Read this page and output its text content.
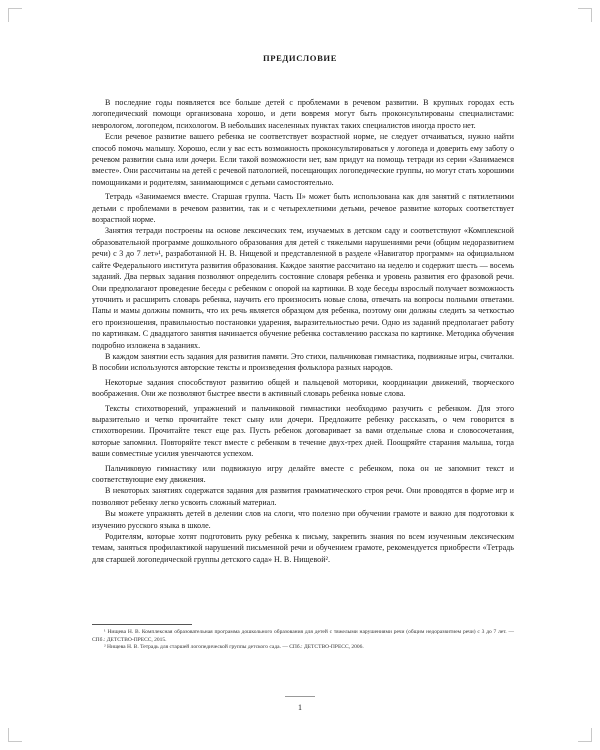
ПРЕДИСЛОВИЕ

В последние годы появляется все больше детей с проблемами в речевом развитии. В крупных городах есть логопедический помощи организована хорошо, и дети вовремя могут быть проконсультированы специалистами: неврологом, логопедом, психологом. В небольших населенных пунктах таких специалистов иногда просто нет.

Если речевое развитие вашего ребенка не соответствует возрастной норме, не следует отчаиваться, нужно найти способ помочь малышу. Хорошо, если у вас есть возможность проконсультироваться у логопеда и доверить ему заботу о речевом развитии сына или дочери. Если такой возможности нет, вам придут на помощь тетради из серии «Занимаемся вместе». Они рассчитаны на детей с речевой патологией, посещающих логопедические группы, но могут стать хорошими помощниками и родителям, занимающимся с детьми самостоятельно.

Тетрадь «Занимаемся вместе. Старшая группа. Часть II» может быть использована как для занятий с пятилетними детьми с проблемами в речевом развитии, так и с четырехлетними детьми, речевое развитие которых соответствует возрастной норме.

Занятия тетради построены на основе лексических тем, изучаемых в детском саду и соответствуют «Комплексной образовательной программе дошкольного образования для детей с тяжелыми нарушениями речи (общим недоразвитием речи) с 3 до 7 лет»¹, разработанной Н. В. Нищевой и представленной в разделе «Навигатор программ» на официальном сайте Федерального института развития образования. Каждое занятие рассчитано на неделю и содержит шесть — восемь заданий. Два первых задания позволяют определить состояние словаря ребенка и уровень развития его фразовой речи. Они предполагают проведение беседы с ребенком с опорой на картинки. В ходе беседы взрослый получает возможность уточнить и расширить словарь ребенка, научить его произносить новые слова, отвечать на вопросы полными ответами. Папы и мамы должны помнить, что их речь является образцом для ребенка, поэтому они должны следить за четкостью его произношения, правильностью постановки ударения, выразительностью речи. Одно из заданий предполагает работу по картинкам. С двадцатого занятия начинается обучение ребенка составлению рассказа по картинке. Методика обучения подробно изложена в заданиях.

В каждом занятии есть задания для развития памяти. Это стихи, пальчиковая гимнастика, подвижные игры, считалки. В пособии используются авторские тексты и произведения фольклора разных народов.

Некоторые задания способствуют развитию общей и пальцевой моторики, координации движений, творческого воображения. Они же позволяют быстрее ввести в активный словарь ребенка новые слова.

Тексты стихотворений, упражнений и пальчиковой гимнастики необходимо разучить с ребенком. Для этого выразительно и четко прочитайте текст сыну или дочери. Предложите ребенку рассказать, о чем говорится в стихотворении. Прочитайте текст еще раз. Пусть ребенок договаривает за вами отдельные слова и словосочетания, которые запомнил. Повторяйте текст вместе с ребенком в течение двух-трех дней. Поощряйте старания малыша, тогда ваши совместные усилия увенчаются успехом.

Пальчиковую гимнастику или подвижную игру делайте вместе с ребенком, пока он не запомнит текст и соответствующие ему движения.

В некоторых занятиях содержатся задания для развития грамматического строя речи. Они проводятся в форме игр и позволяют ребенку легко усвоить сложный материал.

Вы можете упражнять детей в делении слов на слоги, что полезно при обучении грамоте и важно для подготовки к изучению русского языка в школе.

Родителям, которые хотят подготовить руку ребенка к письму, закрепить знания по всем изученным лексическим темам, заняться профилактикой нарушений письменной речи и обучением грамоте, рекомендуется приобрести «Тетрадь для старшей логопедической группы детского сада» Н. В. Нищевой².

¹ Нищева Н. В. Комплексная образовательная программа дошкольного образования для детей с тяжелыми нарушениями речи (общим недоразвитием речи) с 3 до 7 лет. — СПб.: ДЕТСТВО-ПРЕСС, 2015.

² Нищева Н. В. Тетрадь для старшей логопедической группы детского сада. — СПб.: ДЕТСТВО-ПРЕСС, 2006.

1
